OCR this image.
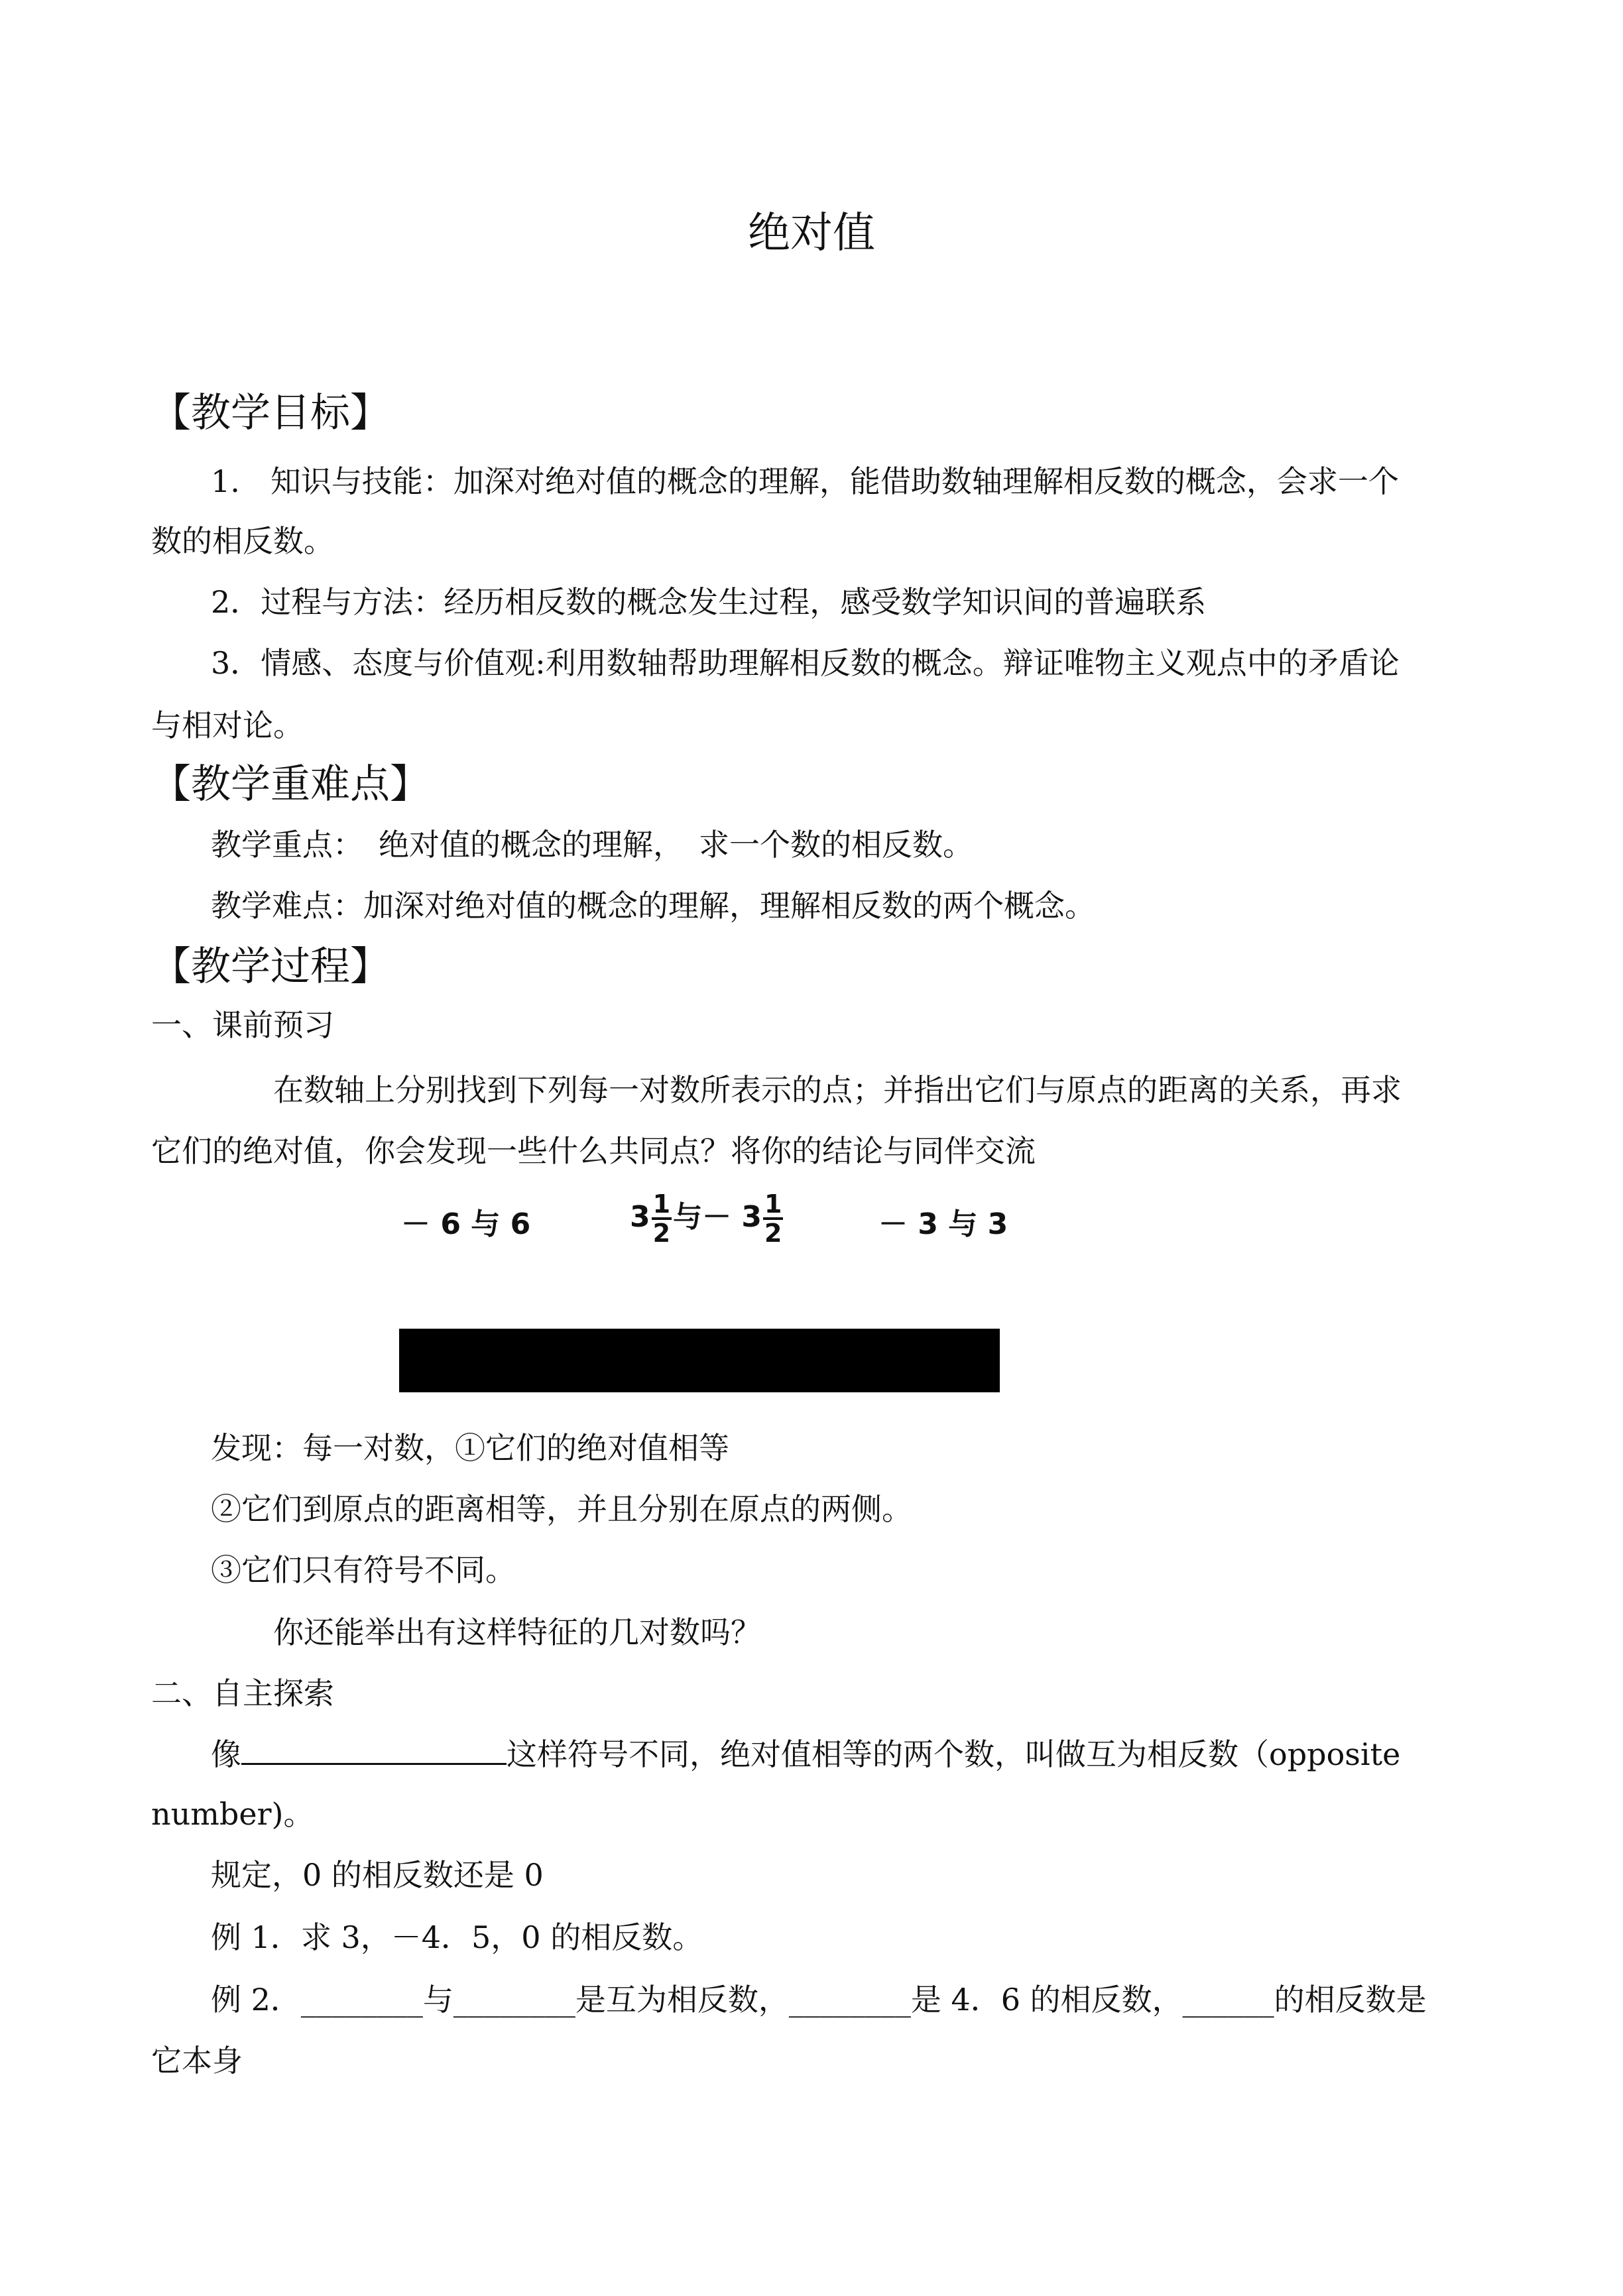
绝对值
【教学目标】
1.　知识与技能：加深对绝对值的概念的理解，能借助数轴理解相反数的概念，会求一个
数的相反数。
2．过程与方法：经历相反数的概念发生过程，感受数学知识间的普遍联系
3．情感、态度与价值观:利用数轴帮助理解相反数的概念。辩证唯物主义观点中的矛盾论
与相对论。
【教学重难点】
教学重点：　绝对值的概念的理解，　求一个数的相反数。
教学难点：加深对绝对值的概念的理解，理解相反数的两个概念。
【教学过程】
一、课前预习
在数轴上分别找到下列每一对数所表示的点；并指出它们与原点的距离的关系，再求
它们的绝对值，你会发现一些什么共同点？将你的结论与同伴交流
－ 6 与 6	$3 \frac{1}{2}$ 与－ $3 \frac{1}{2}$	－ 3 与 3
发现：每一对数，①它们的绝对值相等
②它们到原点的距离相等，并且分别在原点的两侧。
③它们只有符号不同。
你还能举出有这样特征的几对数吗？
二、自主探索
像	这样符号不同，绝对值相等的两个数，叫做互为相反数（opposite
number)。
规定，0 的相反数还是 0
例 1．求 3，－4．5，0 的相反数。
例 2．________与________是互为相反数，________是 4．6 的相反数，______的相反数是
它本身
